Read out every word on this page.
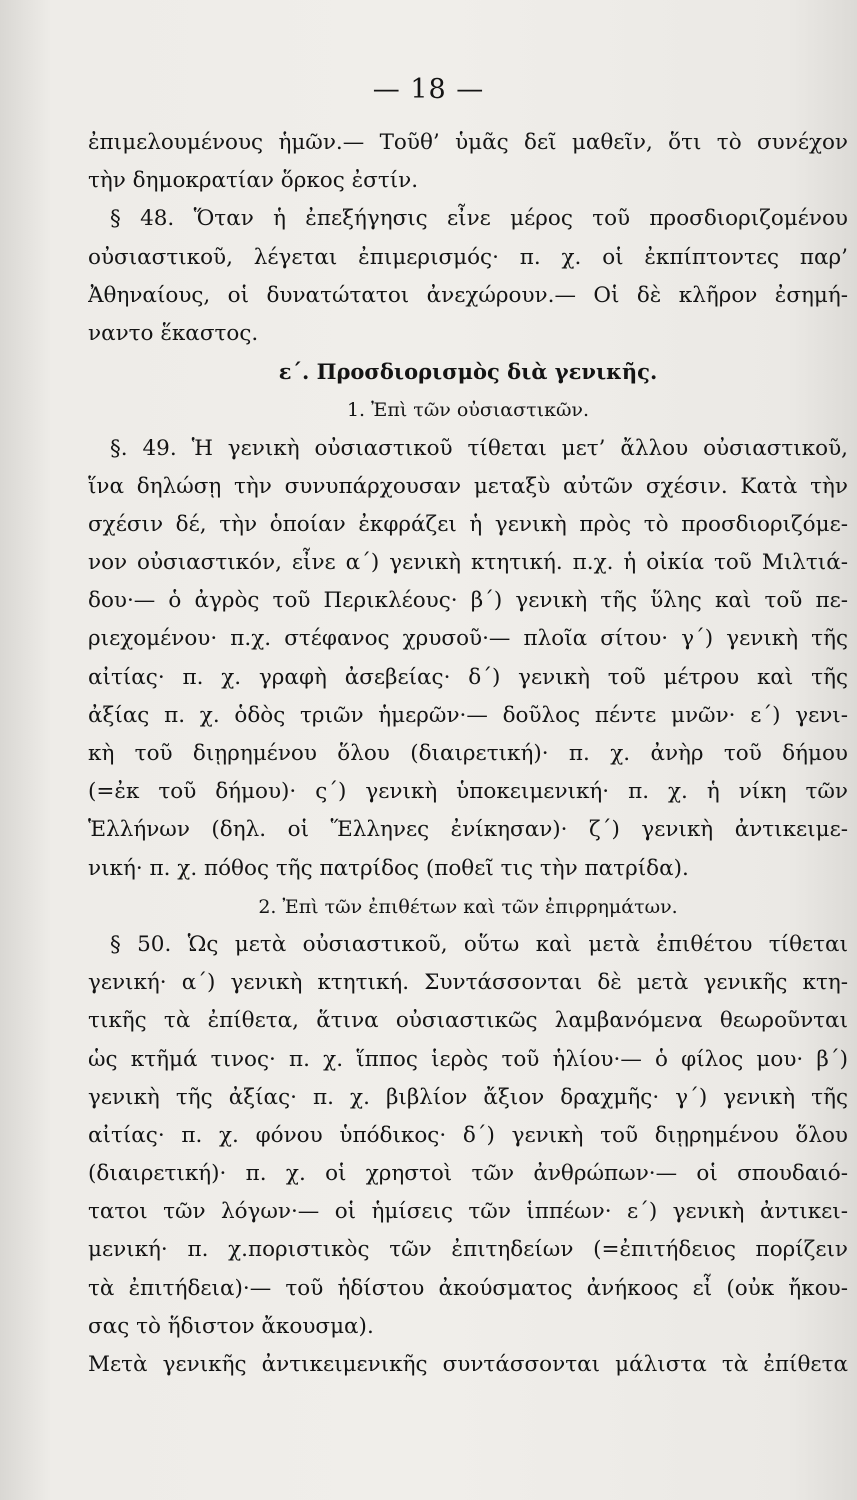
— 18 —
ἐπιμελουμένους ἡμῶν.— Τοῦθ’ ὑμᾶς δεῖ μαθεῖν, ὅτι τὸ συνέχον
τὴν δημοκρατίαν ὅρκος ἐστίν.
§ 48. Ὅταν ἡ ἐπεξήγησις εἶνε μέρος τοῦ προσδιοριζομένου
οὐσιαστικοῦ, λέγεται ἐπιμερισμός· π. χ. οἱ ἐκπίπτοντες παρ’
Ἀθηναίους, οἱ δυνατώτατοι ἀνεχώρουν.— Οἱ δὲ κλῆρον ἐσημή-
ναντο ἕκαστος.
ε΄. Προσδιορισμὸς διὰ γενικῆς.
1. Ἐπὶ τῶν οὐσιαστικῶν.
§. 49. Ἡ γενικὴ οὐσιαστικοῦ τίθεται μετ’ ἄλλου οὐσιαστικοῦ,
ἵνα δηλώσῃ τὴν συνυπάρχουσαν μεταξὺ αὐτῶν σχέσιν. Κατὰ τὴν
σχέσιν δέ, τὴν ὁποίαν ἐκφράζει ἡ γενικὴ πρὸς τὸ προσδιοριζόμε-
νον οὐσιαστικόν, εἶνε α΄) γενικὴ κτητική. π.χ. ἡ οἰκία τοῦ Μιλτιά-
δου·— ὁ ἀγρὸς τοῦ Περικλέους· β΄) γενικὴ τῆς ὕλης καὶ τοῦ πε-
ριεχομένου· π.χ. στέφανος χρυσοῦ·— πλοῖα σίτου· γ΄) γενικὴ τῆς
αἰτίας· π. χ. γραφὴ ἀσεβείας· δ΄) γενικὴ τοῦ μέτρου καὶ τῆς
ἀξίας π. χ. ὁδὸς τριῶν ἡμερῶν·— δοῦλος πέντε μνῶν· ε΄) γενι-
κὴ τοῦ διῃρημένου ὅλου (διαιρετική)· π. χ. ἀνὴρ τοῦ δήμου
(=ἐκ τοῦ δήμου)· ς΄) γενικὴ ὑποκειμενική· π. χ. ἡ νίκη τῶν
Ἑλλήνων (δηλ. οἱ Ἕλληνες ἐνίκησαν)· ζ΄) γενικὴ ἀντικειμε-
νική· π. χ. πόθος τῆς πατρίδος (ποθεῖ τις τὴν πατρίδα).
2. Ἐπὶ τῶν ἐπιθέτων καὶ τῶν ἐπιρρημάτων.
§ 50. Ὡς μετὰ οὐσιαστικοῦ, οὕτω καὶ μετὰ ἐπιθέτου τίθεται
γενική· α΄) γενικὴ κτητική. Συντάσσονται δὲ μετὰ γενικῆς κτη-
τικῆς τὰ ἐπίθετα, ἅτινα οὐσιαστικῶς λαμβανόμενα θεωροῦνται
ὡς κτῆμά τινος· π. χ. ἵππος ἱερὸς τοῦ ἡλίου·— ὁ φίλος μου· β΄)
γενικὴ τῆς ἀξίας· π. χ. βιβλίον ἄξιον δραχμῆς· γ΄) γενικὴ τῆς
αἰτίας· π. χ. φόνου ὑπόδικος· δ΄) γενικὴ τοῦ διῃρημένου ὅλου
(διαιρετική)· π. χ. οἱ χρηστοὶ τῶν ἀνθρώπων·— οἱ σπουδαιό-
τατοι τῶν λόγων·— οἱ ἡμίσεις τῶν ἱππέων· ε΄) γενικὴ ἀντικει-
μενική· π. χ.ποριστικὸς τῶν ἐπιτηδείων (=ἐπιτήδειος πορίζειν
τὰ ἐπιτήδεια)·— τοῦ ἡδίστου ἀκούσματος ἀνήκοος εἶ (οὐκ ἤκου-
σας τὸ ἥδιστον ἄκουσμα).
Μετὰ γενικῆς ἀντικειμενικῆς συντάσσονται μάλιστα τὰ ἐπίθετα
